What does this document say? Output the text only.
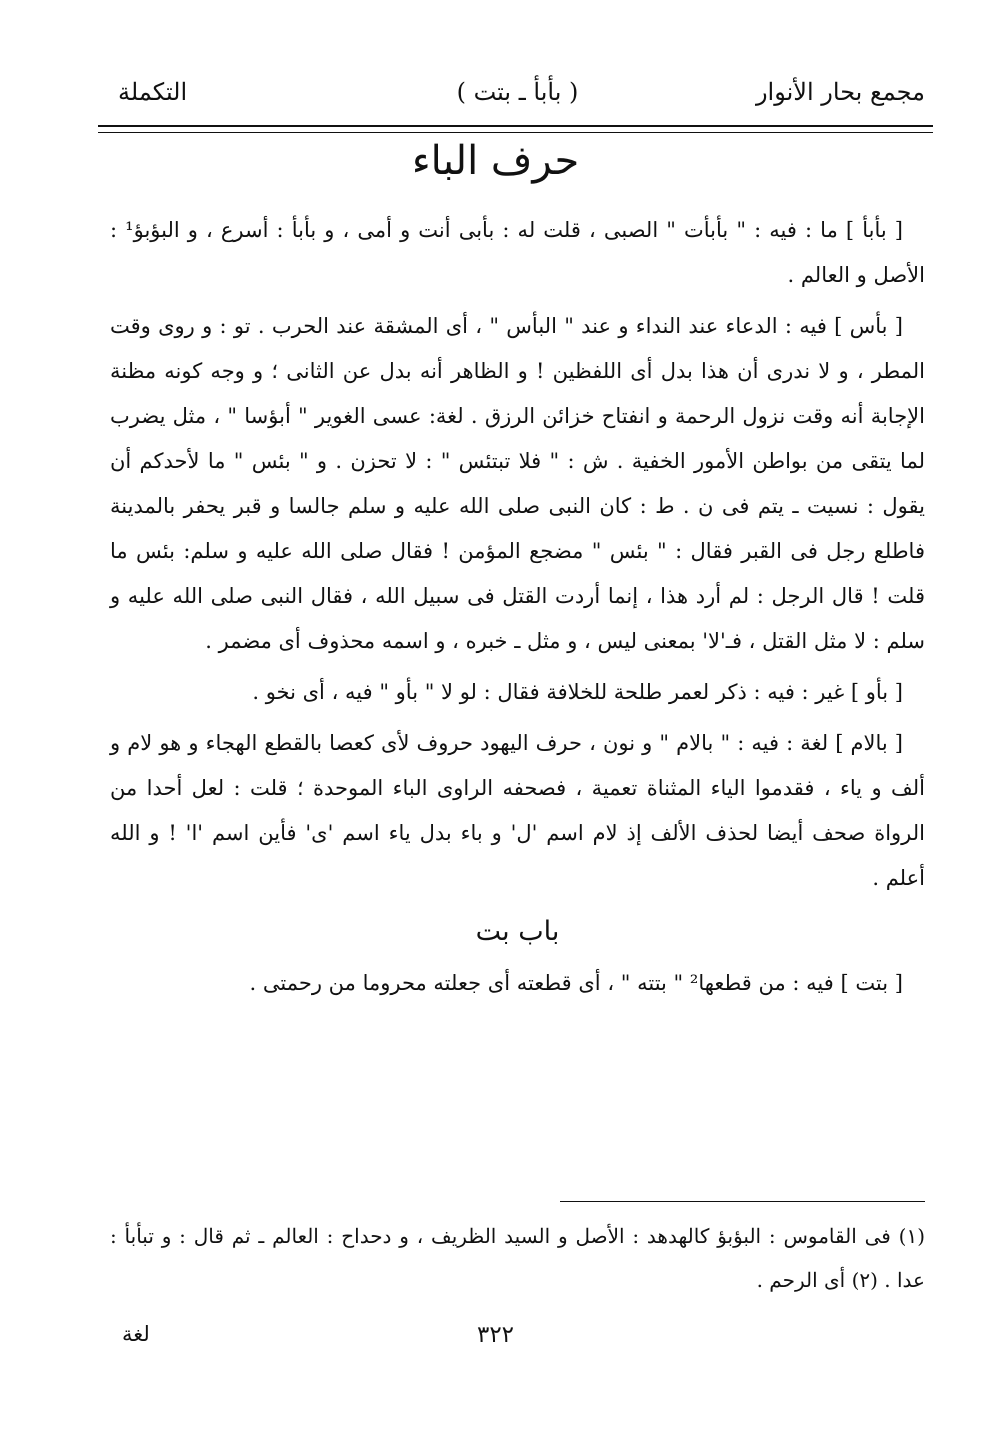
مجمع بحار الأنوار
( بأبأ ـ بتت )
التكملة
حرف الباء

[ بأبأ ] ما : فيه : " بأبأت " الصبى ، قلت له : بأبى أنت و أمى ، و بأبأ : أسرع ، و البؤبؤ¹ : الأصل و العالم .

[ بأس ] فيه : الدعاء عند النداء و عند " البأس " ، أى المشقة عند الحرب . تو : و روى وقت المطر ، و لا ندرى أن هذا بدل أى اللفظين ! و الظاهر أنه بدل عن الثانى ؛ و وجه كونه مظنة الإجابة أنه وقت نزول الرحمة و انفتاح خزائن الرزق . لغة: عسى الغوير " أبؤسا " ، مثل يضرب لما يتقى من بواطن الأمور الخفية . ش : " فلا تبتئس " : لا تحزن . و " بئس " ما لأحدكم أن يقول : نسيت ـ يتم فى ن . ط : كان النبى صلى الله عليه و سلم جالسا و قبر يحفر بالمدينة فاطلع رجل فى القبر فقال : " بئس " مضجع المؤمن ! فقال صلى الله عليه و سلم: بئس ما قلت ! قال الرجل : لم أرد هذا ، إنما أردت القتل فى سبيل الله ، فقال النبى صلى الله عليه و سلم : لا مثل القتل ، فـ'لا' بمعنى ليس ، و مثل ـ خبره ، و اسمه محذوف أى مضمر .

[ بأو ] غير : فيه : ذكر لعمر طلحة للخلافة فقال : لو لا " بأو " فيه ، أى نخو .

[ بالام ] لغة : فيه : " بالام " و نون ، حرف اليهود حروف لأى كعصا بالقطع الهجاء و هو لام و ألف و ياء ، فقدموا الياء المثناة تعمية ، فصحفه الراوى الباء الموحدة ؛ قلت : لعل أحدا من الرواة صحف أيضا لحذف الألف إذ لام اسم 'ل' و باء بدل ياء اسم 'ى' فأين اسم 'ا' ! و الله أعلم .

باب بت

[ بتت ] فيه : من قطعها² " بتته " ، أى قطعته أى جعلته محروما من رحمتى .

(١) فى القاموس : البؤبؤ كالهدهد : الأصل و السيد الظريف ، و دحداح : العالم ـ ثم قال : و تبأبأ : عدا . (٢) أى الرحم .

٣٢٢
لغة
